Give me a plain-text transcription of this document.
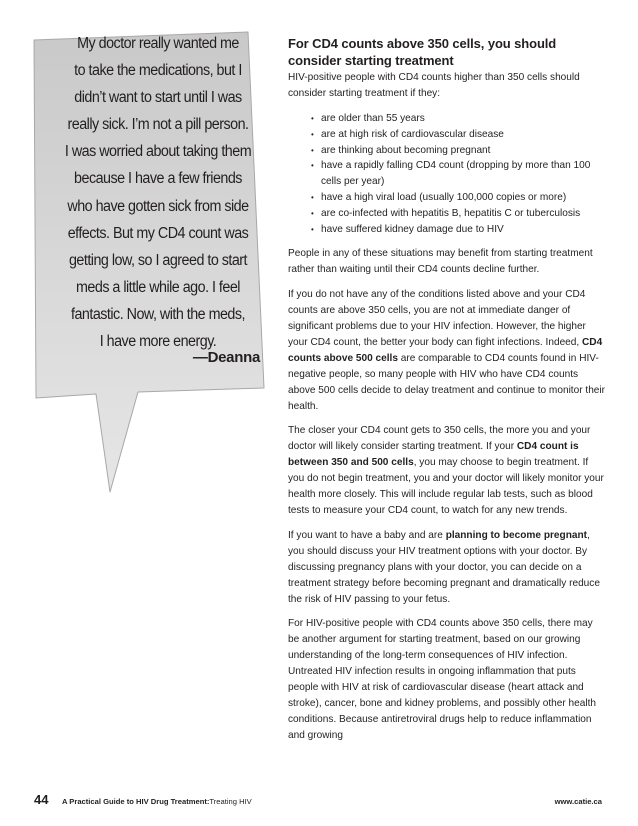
My doctor really wanted me
to take the medications, but I
didn’t want to start until I was
really sick. I’m not a pill person.
I was worried about taking them
because I have a few friends
who have gotten sick from side
effects. But my CD4 count was
getting low, so I agreed to start
meds a little while ago. I feel
fantastic. Now, with the meds,
I have more energy.
—Deanna
For CD4 counts above 350 cells, you should consider starting treatment

HIV-positive people with CD4 counts higher than 350 cells should consider starting treatment if they:

• are older than 55 years
• are at high risk of cardiovascular disease
• are thinking about becoming pregnant
• have a rapidly falling CD4 count (dropping by more than 100 cells per year)
• have a high viral load (usually 100,000 copies or more)
• are co-infected with hepatitis B, hepatitis C or tuberculosis
• have suffered kidney damage due to HIV

People in any of these situations may benefit from starting treatment rather than waiting until their CD4 counts decline further.

If you do not have any of the conditions listed above and your CD4 counts are above 350 cells, you are not at immediate danger of significant problems due to your HIV infection. However, the higher your CD4 count, the better your body can fight infections. Indeed, CD4 counts above 500 cells are comparable to CD4 counts found in HIV-negative people, so many people with HIV who have CD4 counts above 500 cells decide to delay treatment and continue to monitor their health.

The closer your CD4 count gets to 350 cells, the more you and your doctor will likely consider starting treatment. If your CD4 count is between 350 and 500 cells, you may choose to begin treatment. If you do not begin treatment, you and your doctor will likely monitor your health more closely. This will include regular lab tests, such as blood tests to measure your CD4 count, to watch for any new trends.

If you want to have a baby and are planning to become pregnant, you should discuss your HIV treatment options with your doctor. By discussing pregnancy plans with your doctor, you can decide on a treatment strategy before becoming pregnant and dramatically reduce the risk of HIV passing to your fetus.

For HIV-positive people with CD4 counts above 350 cells, there may be another argument for starting treatment, based on our growing understanding of the long-term consequences of HIV infection. Untreated HIV infection results in ongoing inflammation that puts people with HIV at risk of cardiovascular disease (heart attack and stroke), cancer, bone and kidney problems, and possibly other health conditions. Because antiretroviral drugs help to reduce inflammation and growing

44 A Practical Guide to HIV Drug Treatment:Treating HIV	www.catie.ca
